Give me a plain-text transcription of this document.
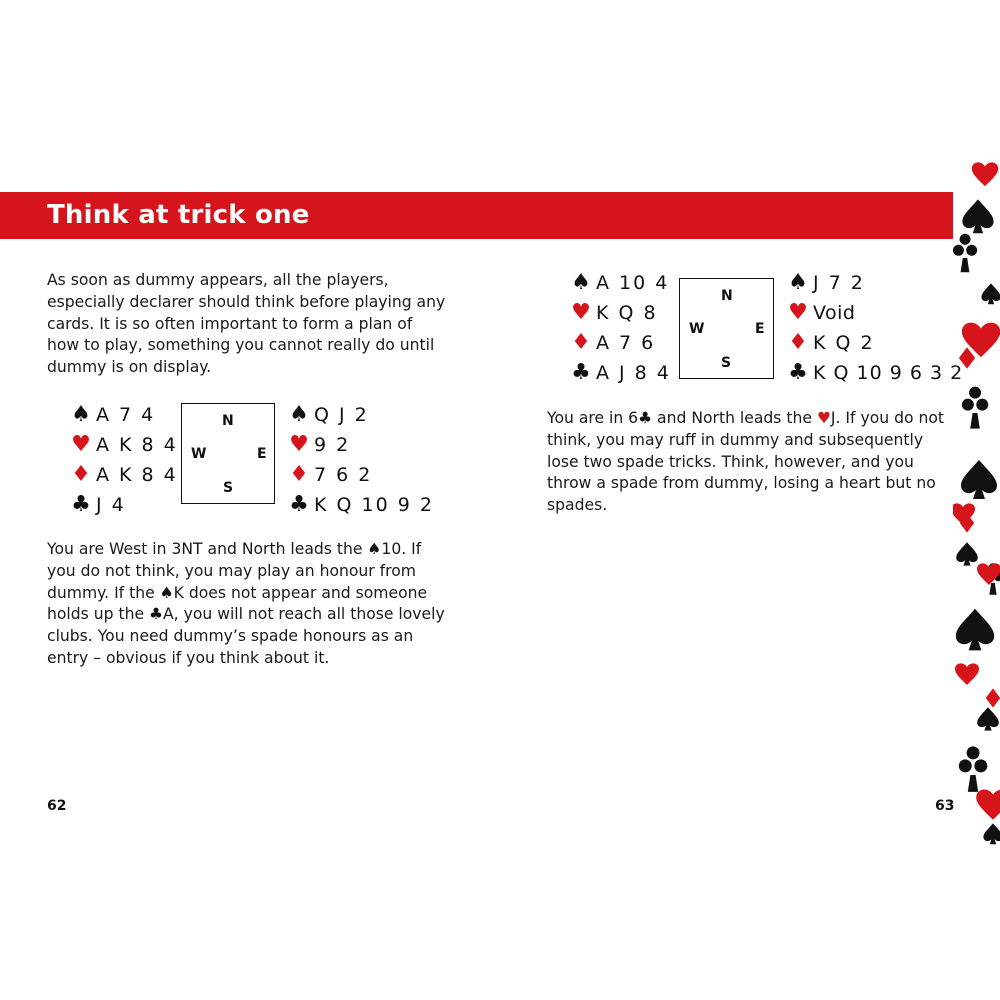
Think at trick one

As soon as dummy appears, all the players, especially declarer should think before playing any cards. It is so often important to form a plan of how to play, something you cannot really do until dummy is on display.

♠ A 7 4
♥ A K 8 4
♦ A K 8 4
♣ J 4
N
W	E
S
♠ Q J 2
♥ 9 2
♦ 7 6 2
♣ K Q 10 9 2

You are West in 3NT and North leads the ♠10. If you do not think, you may play an honour from dummy. If the ♠K does not appear and someone holds up the ♣A, you will not reach all those lovely clubs. You need dummy’s spade honours as an entry – obvious if you think about it.

62
♠ A 10 4
♥ K Q 8
♦ A 7 6
♣ A J 8 4
N
W	E
S
♠ J 7 2
♥ Void
♦ K Q 2
♣ K Q 10 9 6 3 2

You are in 6♣ and North leads the ♥J. If you do not think, you may ruff in dummy and subsequently lose two spade tricks. Think, however, and you throw a spade from dummy, losing a heart but no spades.

63
